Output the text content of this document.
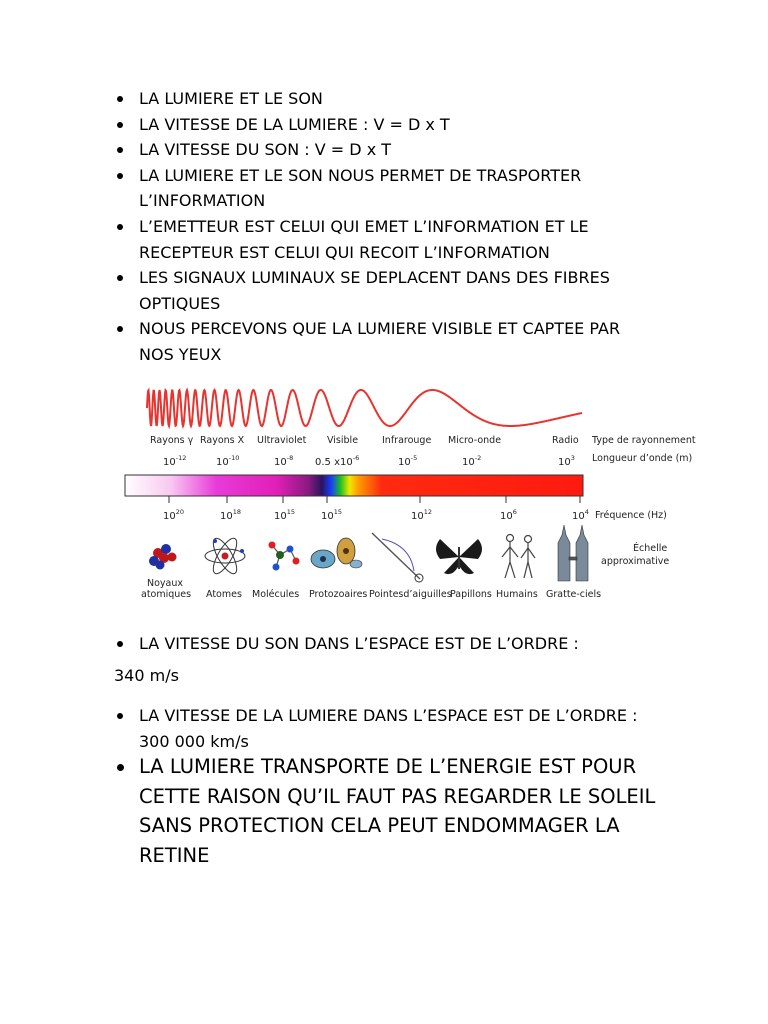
LA LUMIERE ET LE SON
LA VITESSE DE LA LUMIERE : V = D x T
LA VITESSE DU SON : V = D x T
LA LUMIERE ET LE SON NOUS PERMET DE TRASPORTER L’INFORMATION
L’EMETTEUR EST CELUI QUI EMET L’INFORMATION ET LE RECEPTEUR EST CELUI QUI RECOIT L’INFORMATION
LES SIGNAUX LUMINAUX SE DEPLACENT DANS DES FIBRES OPTIQUES
NOUS PERCEVONS QUE LA LUMIERE VISIBLE ET CAPTEE PAR NOS YEUX
Rayons γ Rayons X Ultraviolet Visible	Infrarouge Micro-onde	Radio Type de rayonnement
Longueur d’onde (m)
$10^{-12}$	$10^{-10}$	$10^{-8}$ 0.5 $x10^{-6}$	$10^{-5}$	$10^{-2}$	$10^3$
$10^{20}$	$10^{18}$	$10^{15}$	$10^{15}$	$10^{12}$	$10^6$	$10^4$ Fréquence (Hz)
Échelle
approximative
Noyaux
atomiques Atomes Molécules Protozoaires Pointesd’aiguilles
Papillons Humains Gratte-ciels
LA VITESSE DU SON DANS L’ESPACE EST DE L’ORDRE :
340 m/s
LA VITESSE DE LA LUMIERE DANS L’ESPACE EST DE L’ORDRE :
300 000 km/s
LA LUMIERE TRANSPORTE DE L’ENERGIE EST POUR CETTE RAISON QU’IL FAUT PAS REGARDER LE SOLEIL SANS PROTECTION CELA PEUT ENDOMMAGER LA RETINE
